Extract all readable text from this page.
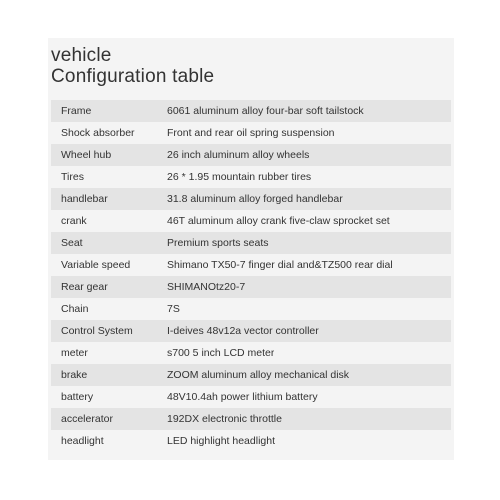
vehicle
Configuration table
Frame	6061 aluminum alloy four-bar soft tailstock
Shock absorber	Front and rear oil spring suspension
Wheel hub	26 inch aluminum alloy wheels
Tires	26 * 1.95 mountain rubber tires
handlebar	31.8 aluminum alloy forged handlebar
crank	46T aluminum alloy crank five-claw sprocket set
Seat	Premium sports seats
Variable speed	Shimano TX50-7 finger dial and&TZ500 rear dial
Rear gear	SHIMANOtz20-7
Chain	7S
Control System	I-deives 48v12a vector controller
meter	s700 5 inch LCD meter
brake	ZOOM aluminum alloy mechanical disk
battery	48V10.4ah power lithium battery
accelerator	192DX electronic throttle
headlight	LED highlight headlight
